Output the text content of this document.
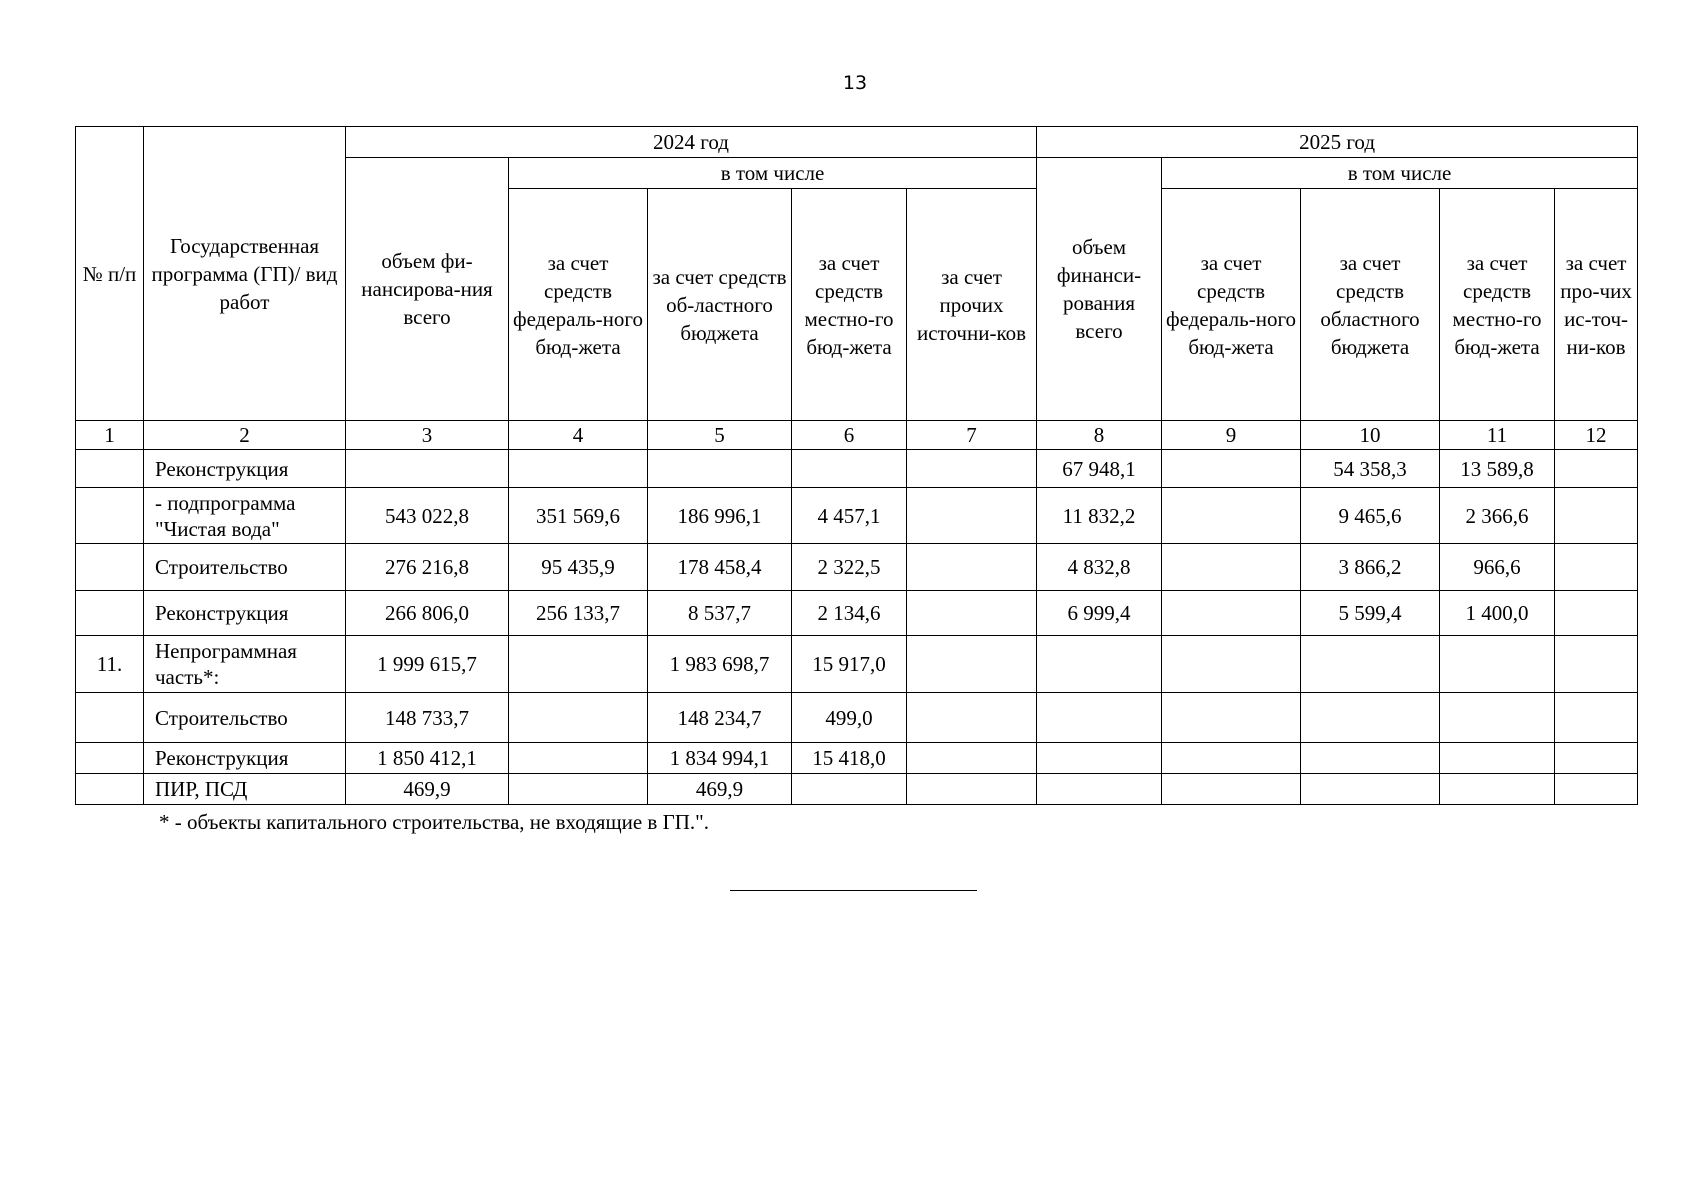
13
№ п/п	Государственная программа (ГП)/ вид работ	2024 год					2025 год				
		объем фи-нансирова-ния всего	в том числе				объем финанси-рования всего	в том числе			
			за счет средств федераль-ного бюд-жета	за счет средств об-ластного бюджета	за счет средств местно-го бюд-жета	за счет прочих источни-ков		за счет средств федераль-ного бюд-жета	за счет средств областного бюджета	за счет средств местно-го бюд-жета	за счет про-чих ис-точ-ни-ков
1	2	3	4	5	6	7	8	9	10	11	12
	Реконструкция						67 948,1		54 358,3	13 589,8	
	- подпрограмма "Чистая вода"	543 022,8	351 569,6	186 996,1	4 457,1		11 832,2		9 465,6	2 366,6	
	Строительство	276 216,8	95 435,9	178 458,4	2 322,5		4 832,8		3 866,2	966,6	
	Реконструкция	266 806,0	256 133,7	8 537,7	2 134,6		6 999,4		5 599,4	1 400,0	
11.	Непрограммная часть*:	1 999 615,7		1 983 698,7	15 917,0						
	Строительство	148 733,7		148 234,7	499,0						
	Реконструкция	1 850 412,1		1 834 994,1	15 418,0						
	ПИР, ПСД	469,9		469,9							
* - объекты капитального строительства, не входящие в ГП.".
